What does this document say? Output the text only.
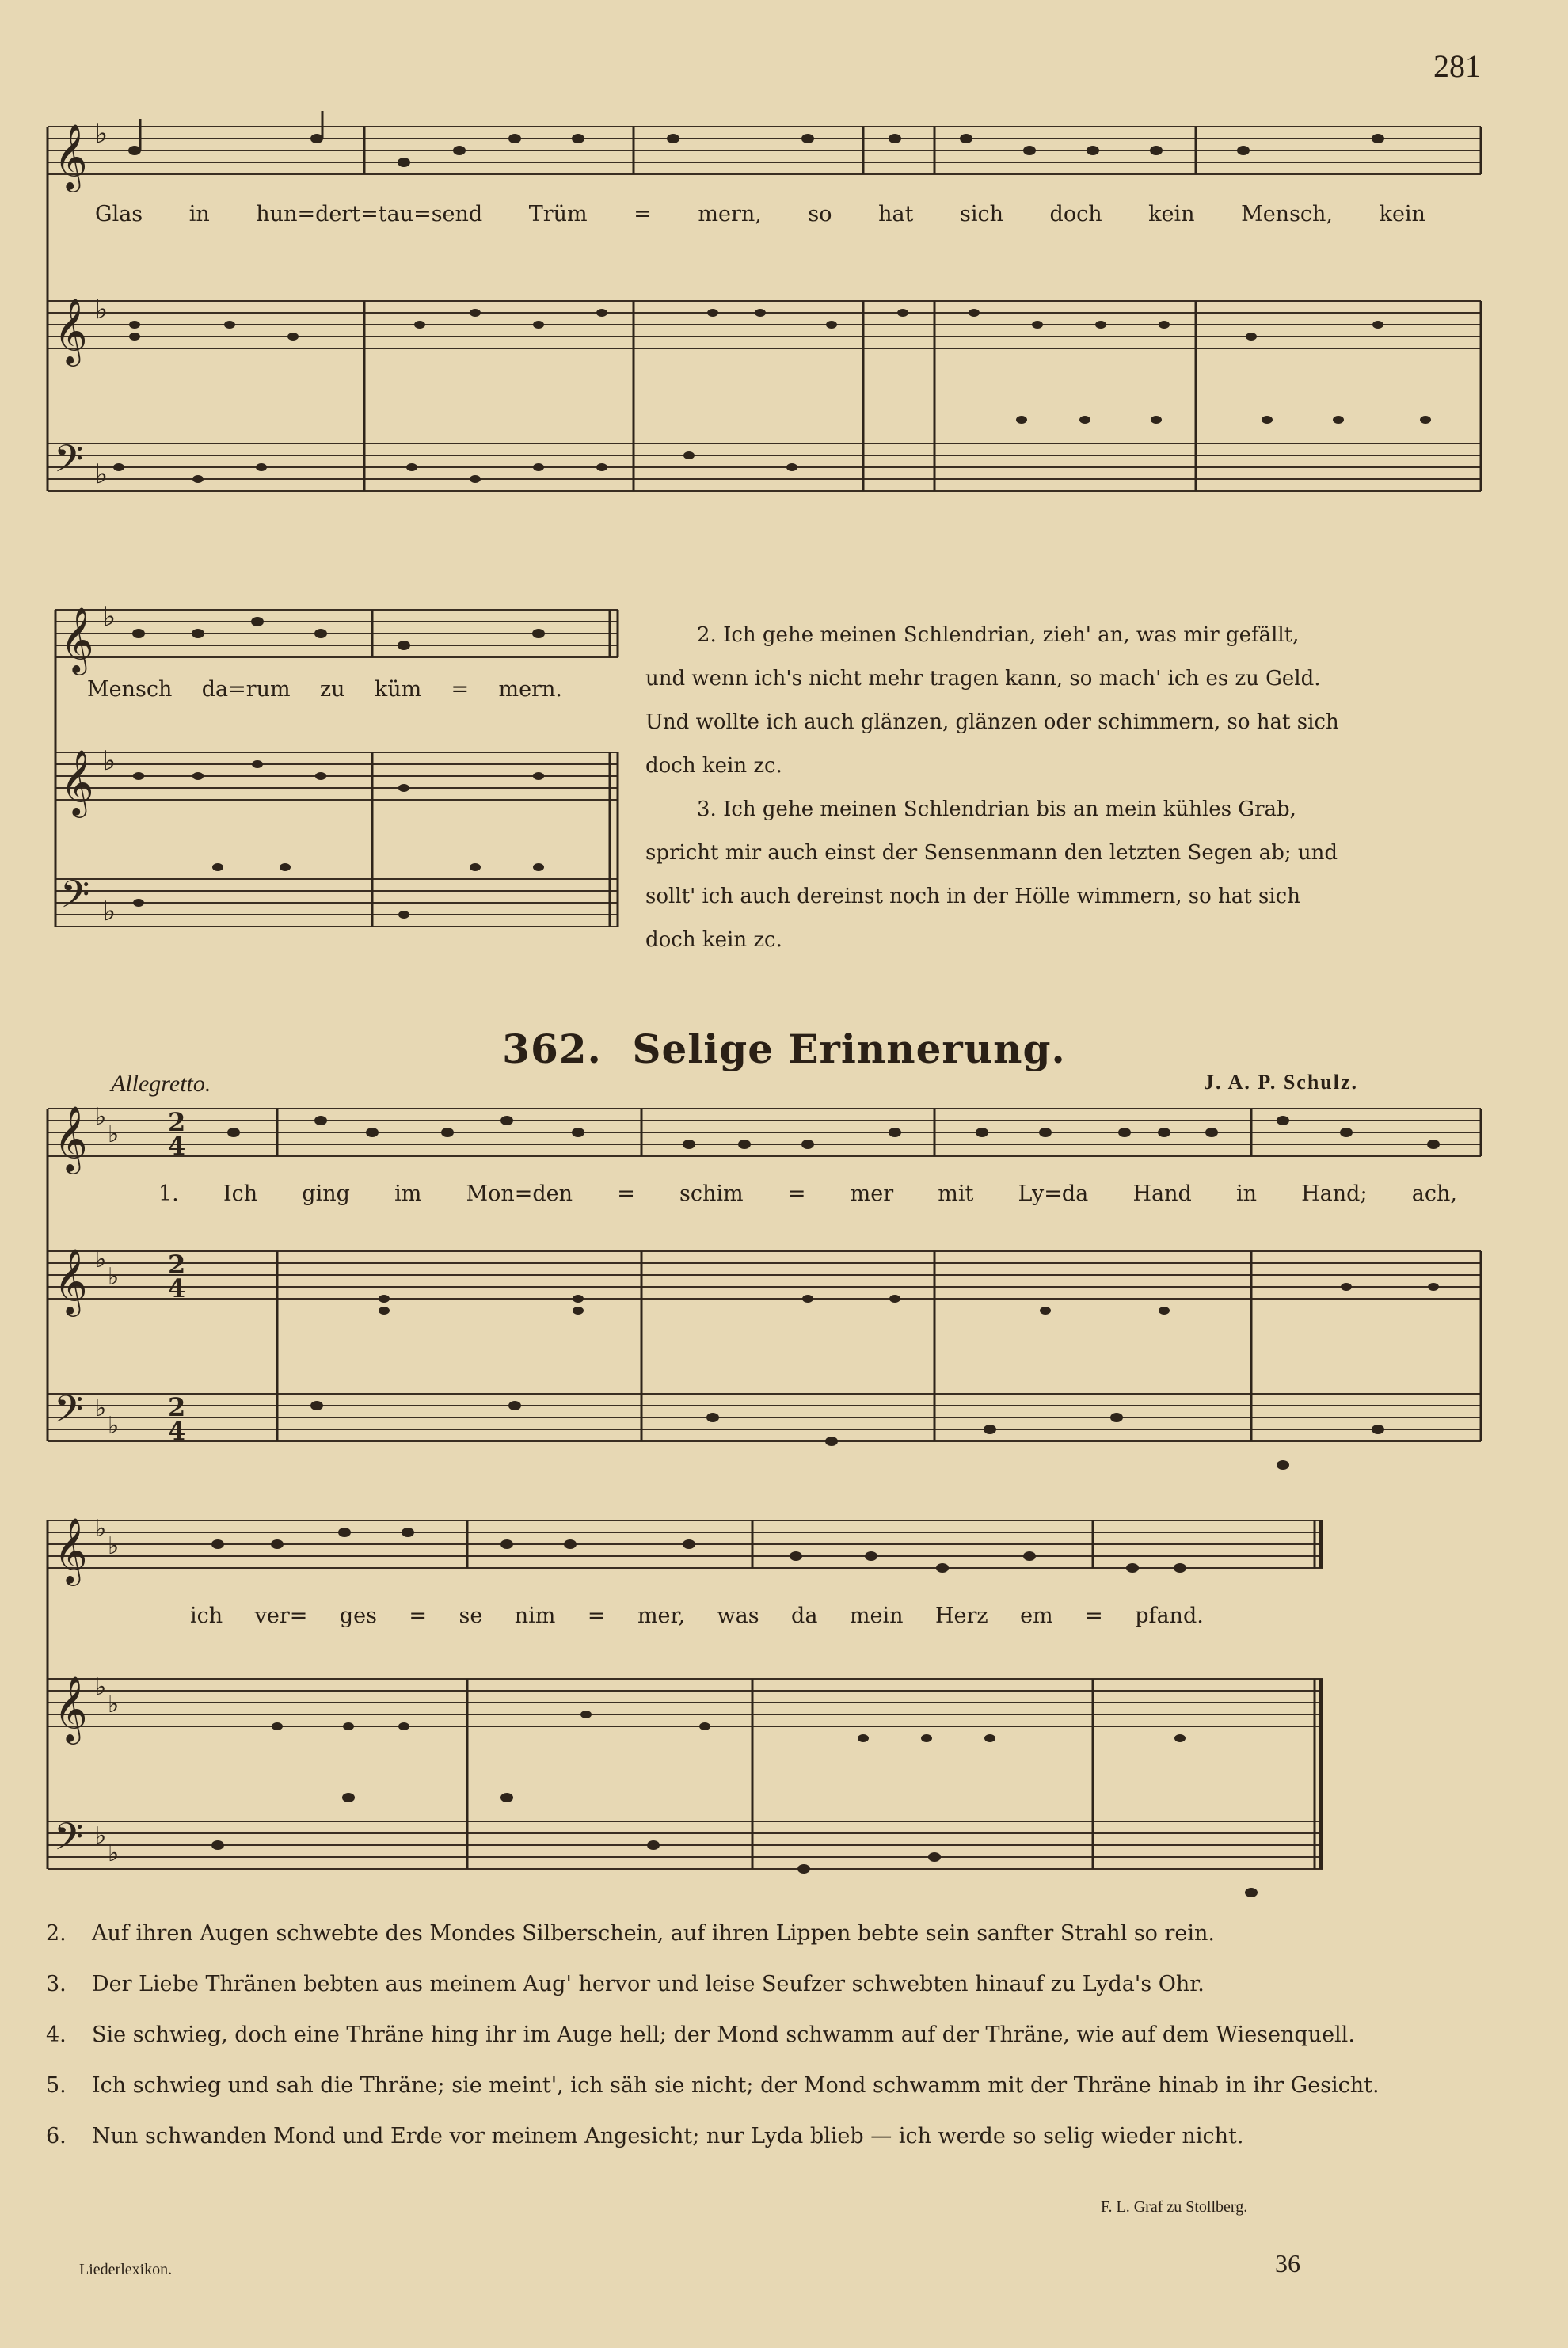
281
𝄞
𝄞
𝄢
♭
♭
♭
Glas in hun=dert=tau=send Trüm = mern, so hat sich doch kein Mensch, kein
𝄞
𝄞
𝄢
♭
♭
♭
Mensch da=rum zu küm = mern.
2. Ich gehe meinen Schlendrian, zieh' an, was mir gefällt,
und wenn ich's nicht mehr tragen kann, so mach' ich es zu Geld.
Und wollte ich auch glänzen, glänzen oder schimmern, so hat sich
doch kein zc.
3. Ich gehe meinen Schlendrian bis an mein kühles Grab,
spricht mir auch einst der Sensenmann den letzten Segen ab; und
sollt' ich auch dereinst noch in der Hölle wimmern, so hat sich
doch kein zc.
362. Selige Erinnerung.
Allegretto.	J. A. P. Schulz.
𝄞
𝄞
𝄢
♭
♭
♭
♭
♭
♭
2
4
2
4
2
4
1. Ich ging im Mon=den = schim = mer mit Ly=da Hand in Hand; ach,
𝄞
𝄞
𝄢
♭
♭
♭
♭
♭
♭
ich ver= ges = se nim = mer, was da mein Herz em = pfand.
2. Auf ihren Augen schwebte des Mondes Silberschein, auf ihren Lippen bebte sein sanfter Strahl so rein.
3. Der Liebe Thränen bebten aus meinem Aug' hervor und leise Seufzer schwebten hinauf zu Lyda's Ohr.
4. Sie schwieg, doch eine Thräne hing ihr im Auge hell; der Mond schwamm auf der Thräne, wie auf dem Wiesenquell.
5. Ich schwieg und sah die Thräne; sie meint', ich säh sie nicht; der Mond schwamm mit der Thräne hinab in ihr Gesicht.
6. Nun schwanden Mond und Erde vor meinem Angesicht; nur Lyda blieb — ich werde so selig wieder nicht.
F. L. Graf zu Stollberg.
Liederlexikon.	36
